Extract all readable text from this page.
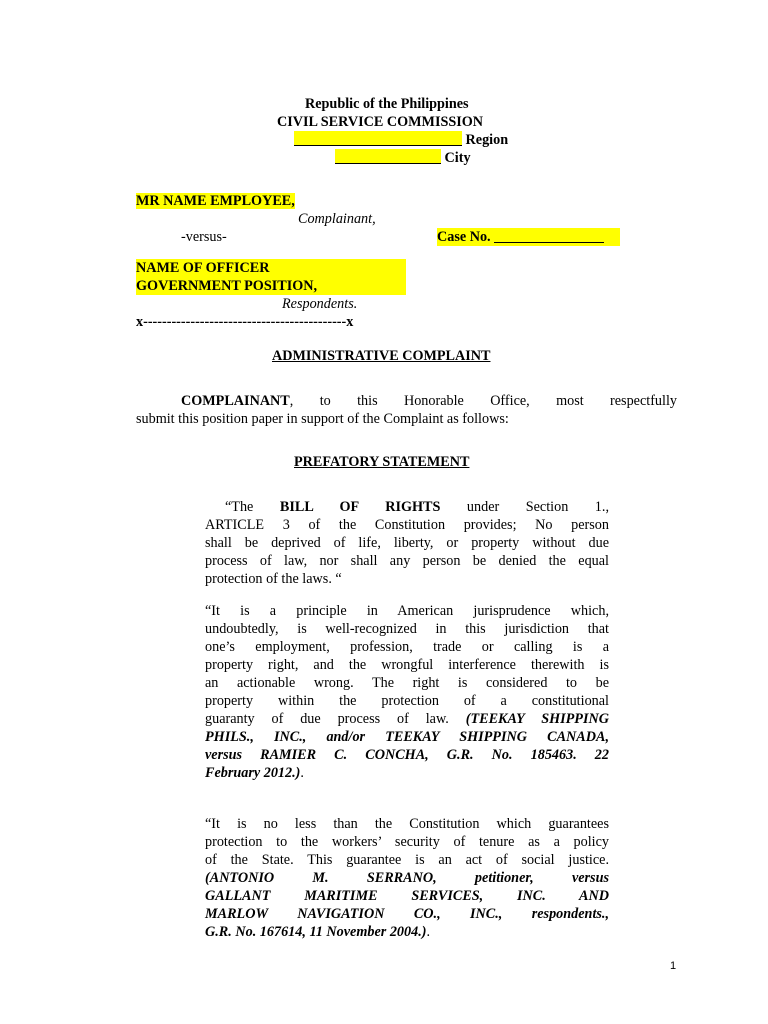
Republic of the Philippines
CIVIL SERVICE COMMISSION
Region
City
MR NAME EMPLOYEE,
Complainant,
-versus-	Case No.
NAME OF OFFICER
GOVERNMENT POSITION,
Respondents.
x-------------------------------------------x
ADMINISTRATIVE COMPLAINT
COMPLAINANT, to this Honorable Office, most respectfully
submit this position paper in support of the Complaint as follows:
PREFATORY STATEMENT
“The BILL OF RIGHTS under Section 1.,
ARTICLE 3 of the Constitution provides; No person
shall be deprived of life, liberty, or property without due
process of law, nor shall any person be denied the equal
protection of the laws. “
“It is a principle in American jurisprudence which,
undoubtedly, is well-recognized in this jurisdiction that
one’s employment, profession, trade or calling is a
property right, and the wrongful interference therewith is
an actionable wrong. The right is considered to be
property within the protection of a constitutional
guaranty of due process of law. (TEEKAY SHIPPING
PHILS., INC., and/or TEEKAY SHIPPING CANADA,
versus RAMIER C. CONCHA, G.R. No. 185463. 22
February 2012.).
“It is no less than the Constitution which guarantees
protection to the workers’ security of tenure as a policy
of the State. This guarantee is an act of social justice.
(ANTONIO M. SERRANO, petitioner, versus
GALLANT MARITIME SERVICES, INC. AND
MARLOW NAVIGATION CO., INC., respondents.,
G.R. No. 167614, 11 November 2004.).
1
